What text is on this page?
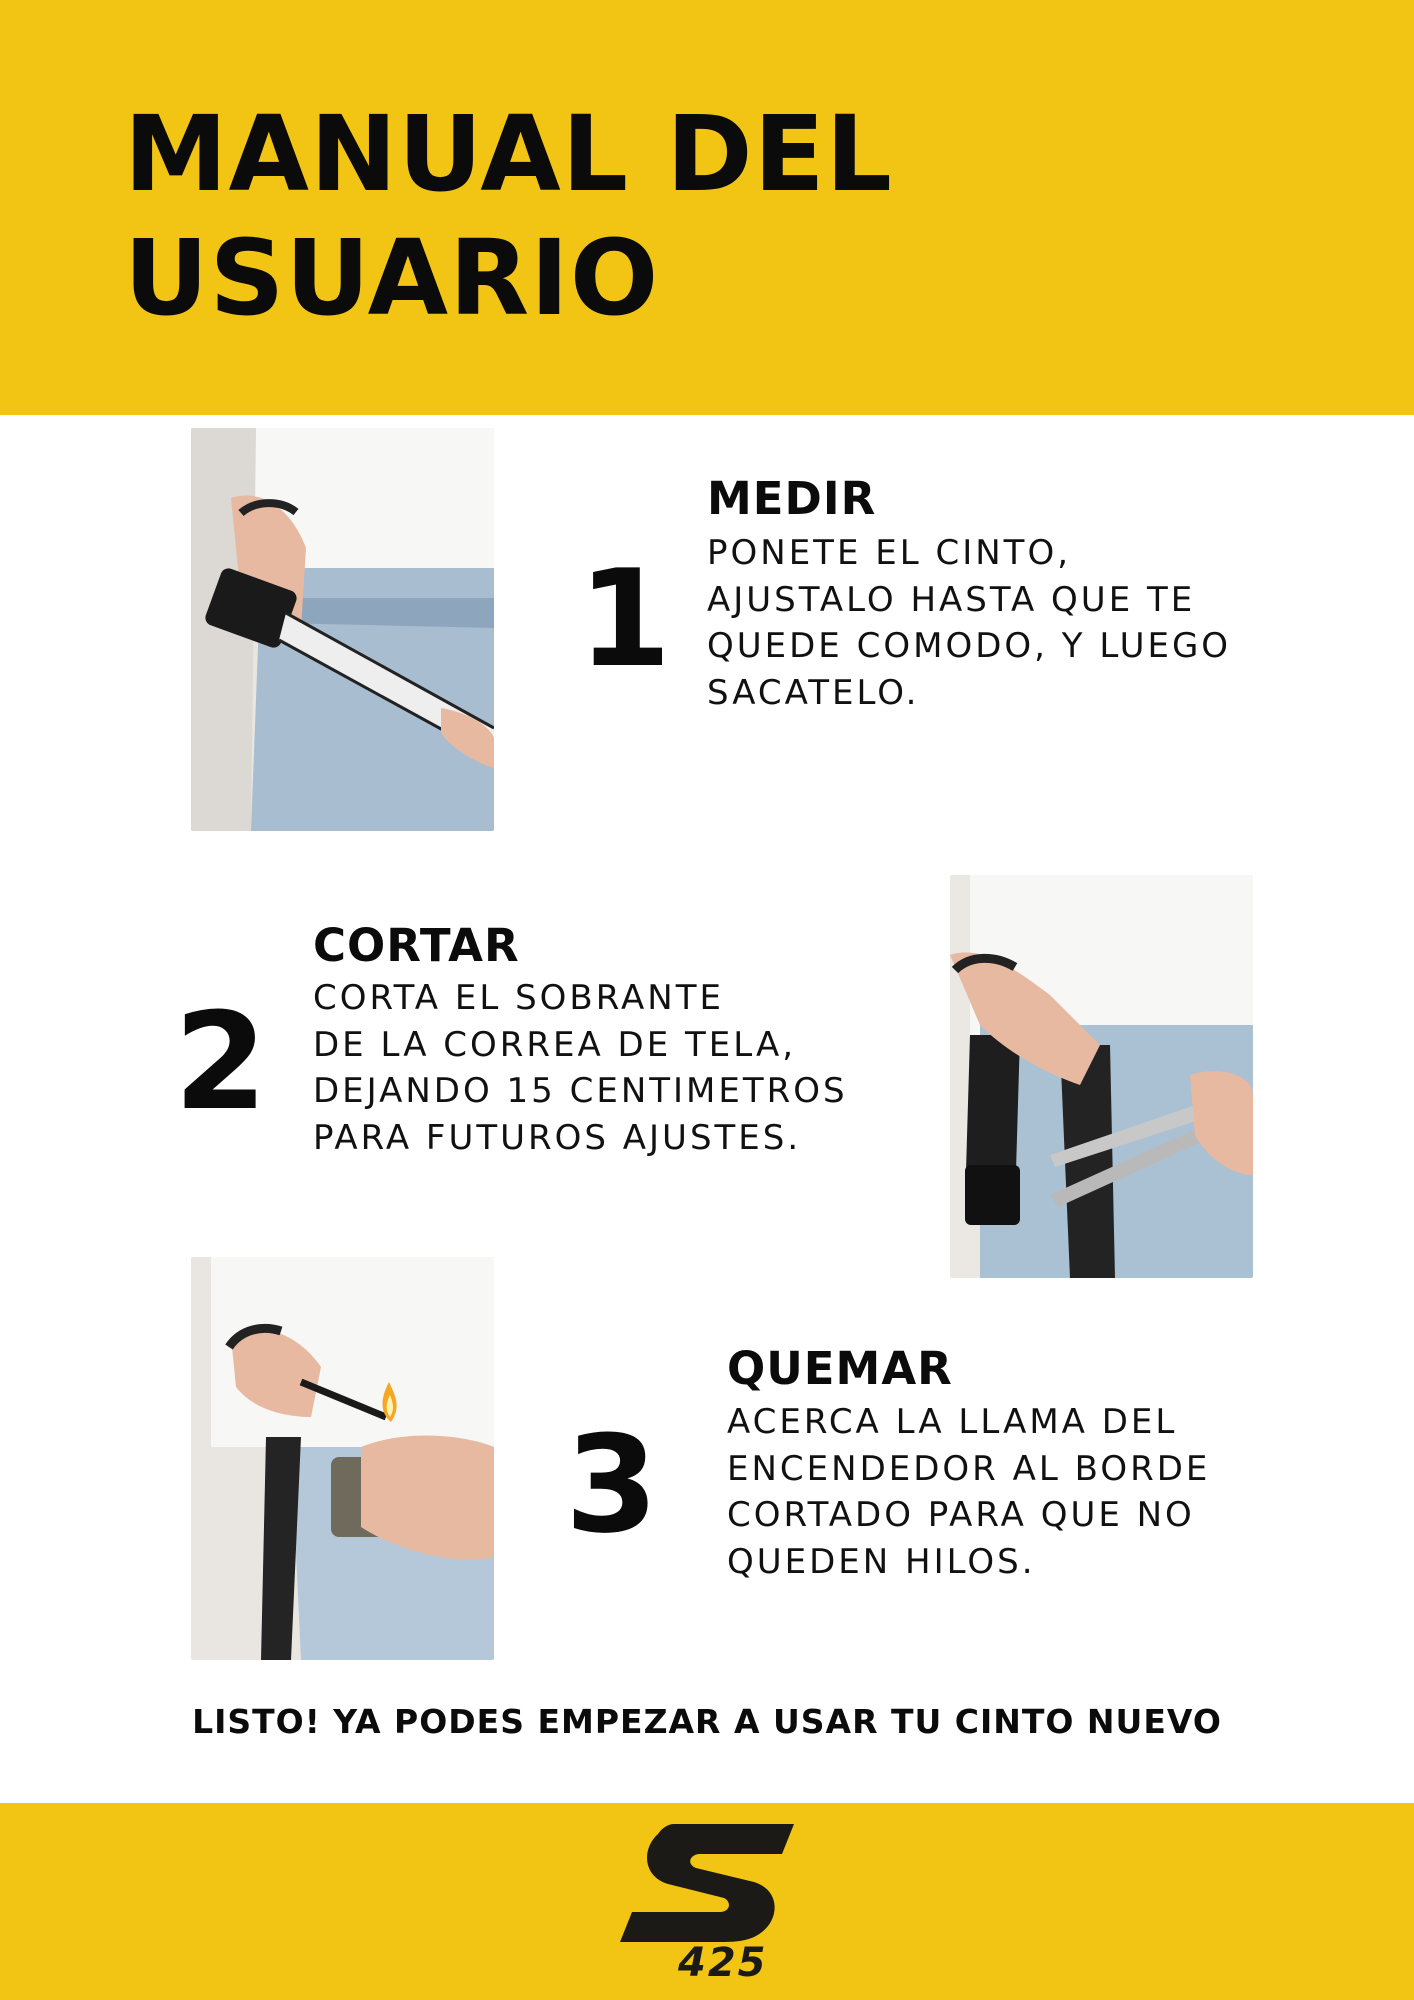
MANUAL DEL
USUARIO
1
MEDIR

PONETE EL CINTO,
AJUSTALO HASTA QUE TE
QUEDE COMODO, Y LUEGO
SACATELO.

2
CORTAR

CORTA EL SOBRANTE
DE LA CORREA DE TELA,
DEJANDO 15 CENTIMETROS
PARA FUTUROS AJUSTES.

3
QUEMAR

ACERCA LA LLAMA DEL
ENCENDEDOR AL BORDE
CORTADO PARA QUE NO
QUEDEN HILOS.

LISTO! YA PODES EMPEZAR A USAR TU CINTO NUEVO
425
